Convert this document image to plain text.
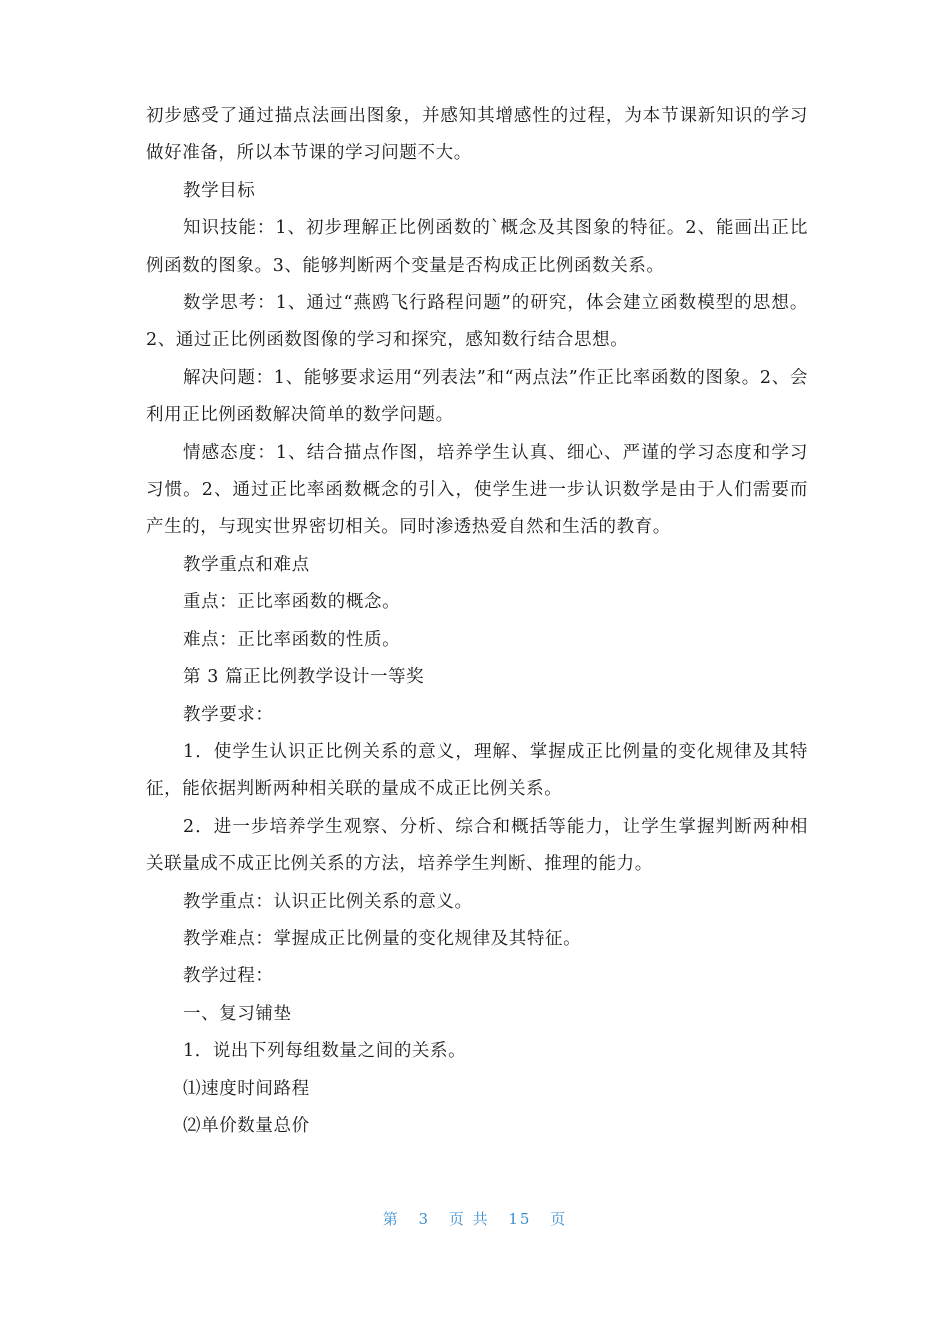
初步感受了通过描点法画出图象，并感知其增感性的过程，为本节课新知识的学习做好准备，所以本节课的学习问题不大。

教学目标

知识技能：1、初步理解正比例函数的`概念及其图象的特征。2、能画出正比例函数的图象。3、能够判断两个变量是否构成正比例函数关系。

数学思考：1、通过“燕鸥飞行路程问题”的研究，体会建立函数模型的思想。2、通过正比例函数图像的学习和探究，感知数行结合思想。

解决问题：1、能够要求运用“列表法”和“两点法”作正比率函数的图象。2、会利用正比例函数解决简单的数学问题。

情感态度：1、结合描点作图，培养学生认真、细心、严谨的学习态度和学习习惯。2、通过正比率函数概念的引入，使学生进一步认识数学是由于人们需要而产生的，与现实世界密切相关。同时渗透热爱自然和生活的教育。

教学重点和难点

重点：正比率函数的概念。

难点：正比率函数的性质。

第 3 篇正比例教学设计一等奖

教学要求：

1．使学生认识正比例关系的意义，理解、掌握成正比例量的变化规律及其特征，能依据判断两种相关联的量成不成正比例关系。

2．进一步培养学生观察、分析、综合和概括等能力，让学生掌握判断两种相关联量成不成正比例关系的方法，培养学生判断、推理的能力。

教学重点：认识正比例关系的意义。

教学难点：掌握成正比例量的变化规律及其特征。

教学过程：

一、复习铺垫

1．说出下列每组数量之间的关系。

⑴速度时间路程

⑵单价数量总价

第 3 页 共 15 页
